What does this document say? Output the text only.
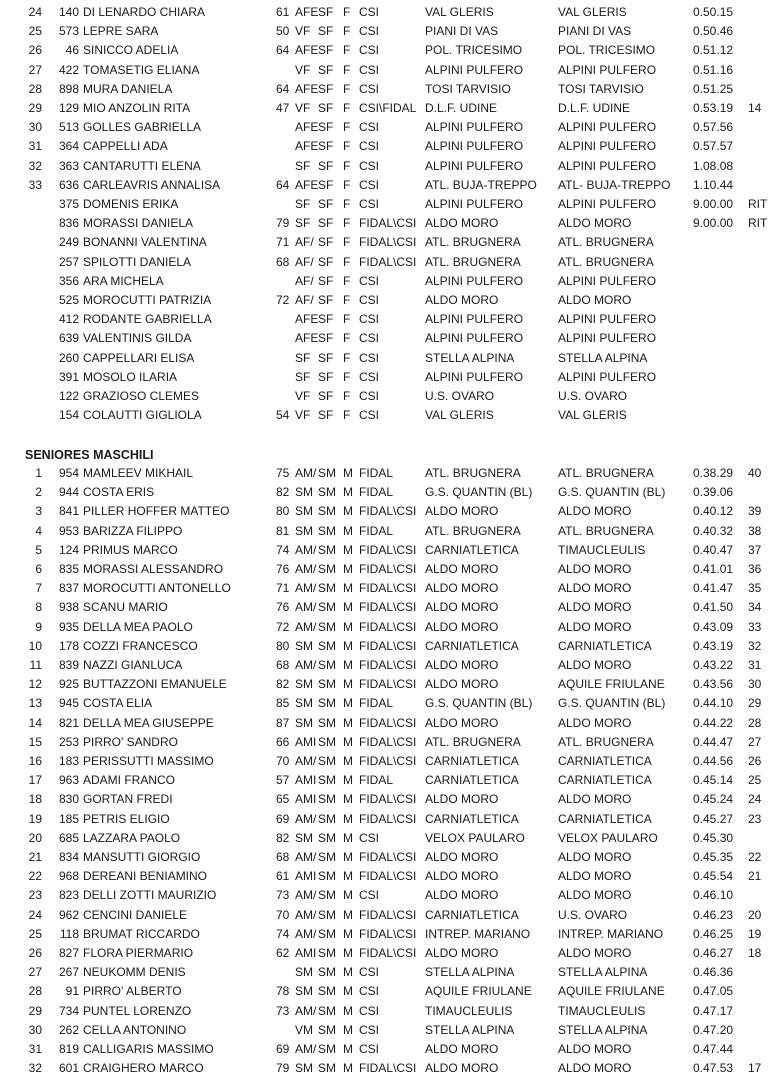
24	140 DI LENARDO CHIARA	61 AFE SF F CSI	VAL GLERIS	VAL GLERIS	0.50.15
25	573 LEPRE SARA	50 VF SF F CSI	PIANI DI VAS	PIANI DI VAS	0.50.46
26	46 SINICCO ADELIA	64 AFE SF F CSI	POL. TRICESIMO	POL. TRICESIMO	0.51.12
27	422 TOMASETIG ELIANA	VF SF F CSI	ALPINI PULFERO	ALPINI PULFERO	0.51.16
28	898 MURA DANIELA	64 AFE SF F CSI	TOSI TARVISIO	TOSI TARVISIO	0.51.25
29	129 MIO ANZOLIN RITA	47 VF SF F CSI\FIDAL D.L.F. UDINE	D.L.F. UDINE	0.53.19	14
30	513 GOLLES GABRIELLA	AFE SF F CSI	ALPINI PULFERO	ALPINI PULFERO	0.57.56
31	364 CAPPELLI ADA	AFE SF F CSI	ALPINI PULFERO	ALPINI PULFERO	0.57.57
32	363 CANTARUTTI ELENA	SF SF F CSI	ALPINI PULFERO	ALPINI PULFERO	1.08.08
33	636 CARLEAVRIS ANNALISA	64 AFE SF F CSI	ATL. BUJA-TREPPO	ATL- BUJA-TREPPO	1.10.44
375 DOMENIS ERIKA	SF SF F CSI	ALPINI PULFERO	ALPINI PULFERO	9.00.00	RIT
836 MORASSI DANIELA	79 SF SF F FIDAL\CSI ALDO MORO	ALDO MORO	9.00.00	RIT
249 BONANNI VALENTINA	71 AF/ SF F FIDAL\CSI ATL. BRUGNERA	ATL. BRUGNERA
257 SPILOTTI DANIELA	68 AF/ SF F FIDAL\CSI ATL. BRUGNERA	ATL. BRUGNERA
356 ARA MICHELA	AF/ SF F CSI	ALPINI PULFERO	ALPINI PULFERO
525 MOROCUTTI PATRIZIA	72 AF/ SF F CSI	ALDO MORO	ALDO MORO
412 RODANTE GABRIELLA	AFE SF F CSI	ALPINI PULFERO	ALPINI PULFERO
639 VALENTINIS GILDA	AFE SF F CSI	ALPINI PULFERO	ALPINI PULFERO
260 CAPPELLARI ELISA	SF SF F CSI	STELLA ALPINA	STELLA ALPINA
391 MOSOLO ILARIA	SF SF F CSI	ALPINI PULFERO	ALPINI PULFERO
122 GRAZIOSO CLEMES	VF SF F CSI	U.S. OVARO	U.S. OVARO
154 COLAUTTI GIGLIOLA	54 VF SF F CSI	VAL GLERIS	VAL GLERIS
SENIORES MASCHILI
1	954 MAMLEEV MIKHAIL	75 AM/ SM M FIDAL	ATL. BRUGNERA	ATL. BRUGNERA	0.38.29	40
2	944 COSTA ERIS	82 SM SM M FIDAL	G.S. QUANTIN (BL)	G.S. QUANTIN (BL)	0.39.06
3	841 PILLER HOFFER MATTEO	80 SM SM M FIDAL\CSI ALDO MORO	ALDO MORO	0.40.12	39
4	953 BARIZZA FILIPPO	81 SM SM M FIDAL	ATL. BRUGNERA	ATL. BRUGNERA	0.40.32	38
5	124 PRIMUS MARCO	74 AM/ SM M FIDAL\CSI CARNIATLETICA	TIMAUCLEULIS	0.40.47	37
6	835 MORASSI ALESSANDRO	76 AM/ SM M FIDAL\CSI ALDO MORO	ALDO MORO	0.41.01	36
7	837 MOROCUTTI ANTONELLO	71 AM/ SM M FIDAL\CSI ALDO MORO	ALDO MORO	0.41.47	35
8	938 SCANU MARIO	76 AM/ SM M FIDAL\CSI ALDO MORO	ALDO MORO	0.41.50	34
9	935 DELLA MEA PAOLO	72 AM/ SM M FIDAL\CSI ALDO MORO	ALDO MORO	0.43.09	33
10	178 COZZI FRANCESCO	80 SM SM M FIDAL\CSI CARNIATLETICA	CARNIATLETICA	0.43.19	32
11	839 NAZZI GIANLUCA	68 AM/ SM M FIDAL\CSI ALDO MORO	ALDO MORO	0.43.22	31
12	925 BUTTAZZONI EMANUELE	82 SM SM M FIDAL\CSI ALDO MORO	AQUILE FRIULANE	0.43.56	30
13	945 COSTA ELIA	85 SM SM M FIDAL	G.S. QUANTIN (BL)	G.S. QUANTIN (BL)	0.44.10	29
14	821 DELLA MEA GIUSEPPE	87 SM SM M FIDAL\CSI ALDO MORO	ALDO MORO	0.44.22	28
15	253 PIRRO' SANDRO	66 AMI SM M FIDAL\CSI ATL. BRUGNERA	ATL. BRUGNERA	0.44.47	27
16	183 PERISSUTTI MASSIMO	70 AM/ SM M FIDAL\CSI CARNIATLETICA	CARNIATLETICA	0.44.56	26
17	963 ADAMI FRANCO	57 AMI SM M FIDAL	CARNIATLETICA	CARNIATLETICA	0.45.14	25
18	830 GORTAN FREDI	65 AMI SM M FIDAL\CSI ALDO MORO	ALDO MORO	0.45.24	24
19	185 PETRIS ELIGIO	69 AM/ SM M FIDAL\CSI CARNIATLETICA	CARNIATLETICA	0.45.27	23
20	685 LAZZARA PAOLO	82 SM SM M CSI	VELOX PAULARO	VELOX PAULARO	0.45.30
21	834 MANSUTTI GIORGIO	68 AM/ SM M FIDAL\CSI ALDO MORO	ALDO MORO	0.45.35	22
22	968 DEREANI BENIAMINO	61 AMI SM M FIDAL\CSI ALDO MORO	ALDO MORO	0.45.54	21
23	823 DELLI ZOTTI MAURIZIO	73 AM/ SM M CSI	ALDO MORO	ALDO MORO	0.46.10
24	962 CENCINI DANIELE	70 AM/ SM M FIDAL\CSI CARNIATLETICA	U.S. OVARO	0.46.23	20
25	118 BRUMAT RICCARDO	74 AM/ SM M FIDAL\CSI INTREP. MARIANO	INTREP. MARIANO	0.46.25	19
26	827 FLORA PIERMARIO	62 AMI SM M FIDAL\CSI ALDO MORO	ALDO MORO	0.46.27	18
27	267 NEUKOMM DENIS	SM SM M CSI	STELLA ALPINA	STELLA ALPINA	0.46.36
28	91 PIRRO' ALBERTO	78 SM SM M CSI	AQUILE FRIULANE	AQUILE FRIULANE	0.47.05
29	734 PUNTEL LORENZO	73 AM/ SM M CSI	TIMAUCLEULIS	TIMAUCLEULIS	0.47.17
30	262 CELLA ANTONINO	VM SM M CSI	STELLA ALPINA	STELLA ALPINA	0.47.20
31	819 CALLIGARIS MASSIMO	69 AM/ SM M CSI	ALDO MORO	ALDO MORO	0.47.44
32	601 CRAIGHERO MARCO	79 SM SM M FIDAL\CSI ALDO MORO	ALDO MORO	0.47.53	17
